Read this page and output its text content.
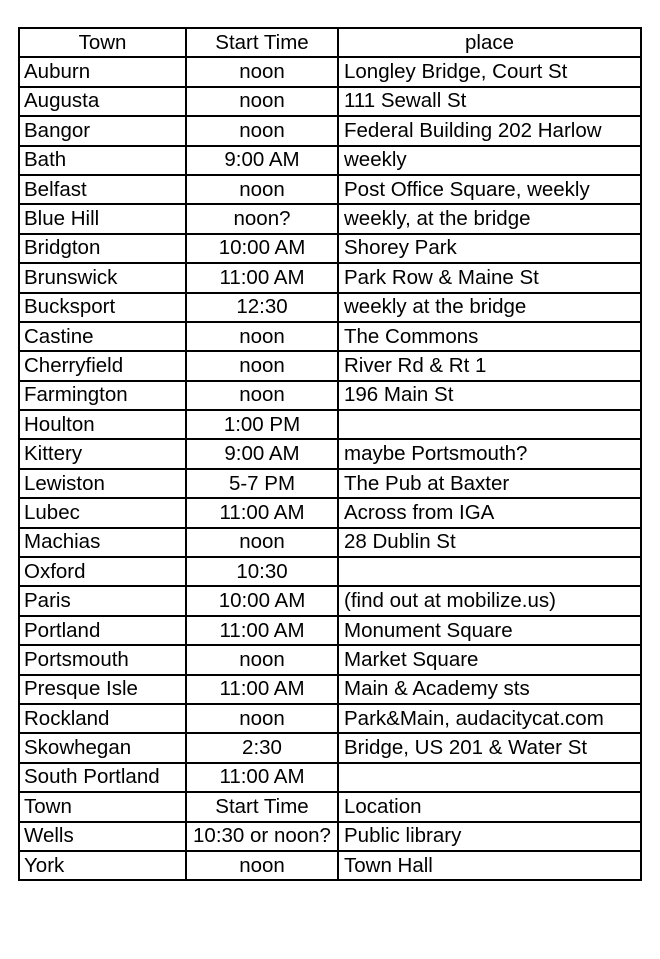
Town	Start Time	place
Auburn	noon	Longley Bridge, Court St
Augusta	noon	111 Sewall St
Bangor	noon	Federal Building 202 Harlow
Bath	9:00 AM	weekly
Belfast	noon	Post Office Square, weekly
Blue Hill	noon?	weekly, at the bridge
Bridgton	10:00 AM	Shorey Park
Brunswick	11:00 AM	Park Row & Maine St
Bucksport	12:30	weekly at the bridge
Castine	noon	The Commons
Cherryfield	noon	River Rd & Rt 1
Farmington	noon	196 Main St
Houlton	1:00 PM	
Kittery	9:00 AM	maybe Portsmouth?
Lewiston	5-7 PM	The Pub at Baxter
Lubec	11:00 AM	Across from IGA
Machias	noon	28 Dublin St
Oxford	10:30	
Paris	10:00 AM	(find out at mobilize.us)
Portland	11:00 AM	Monument Square
Portsmouth	noon	Market Square
Presque Isle	11:00 AM	Main & Academy sts
Rockland	noon	Park&Main, audacitycat.com
Skowhegan	2:30	Bridge, US 201 & Water St
South Portland	11:00 AM	
Town	Start Time	Location
Wells	10:30 or noon?	Public library
York	noon	Town Hall
